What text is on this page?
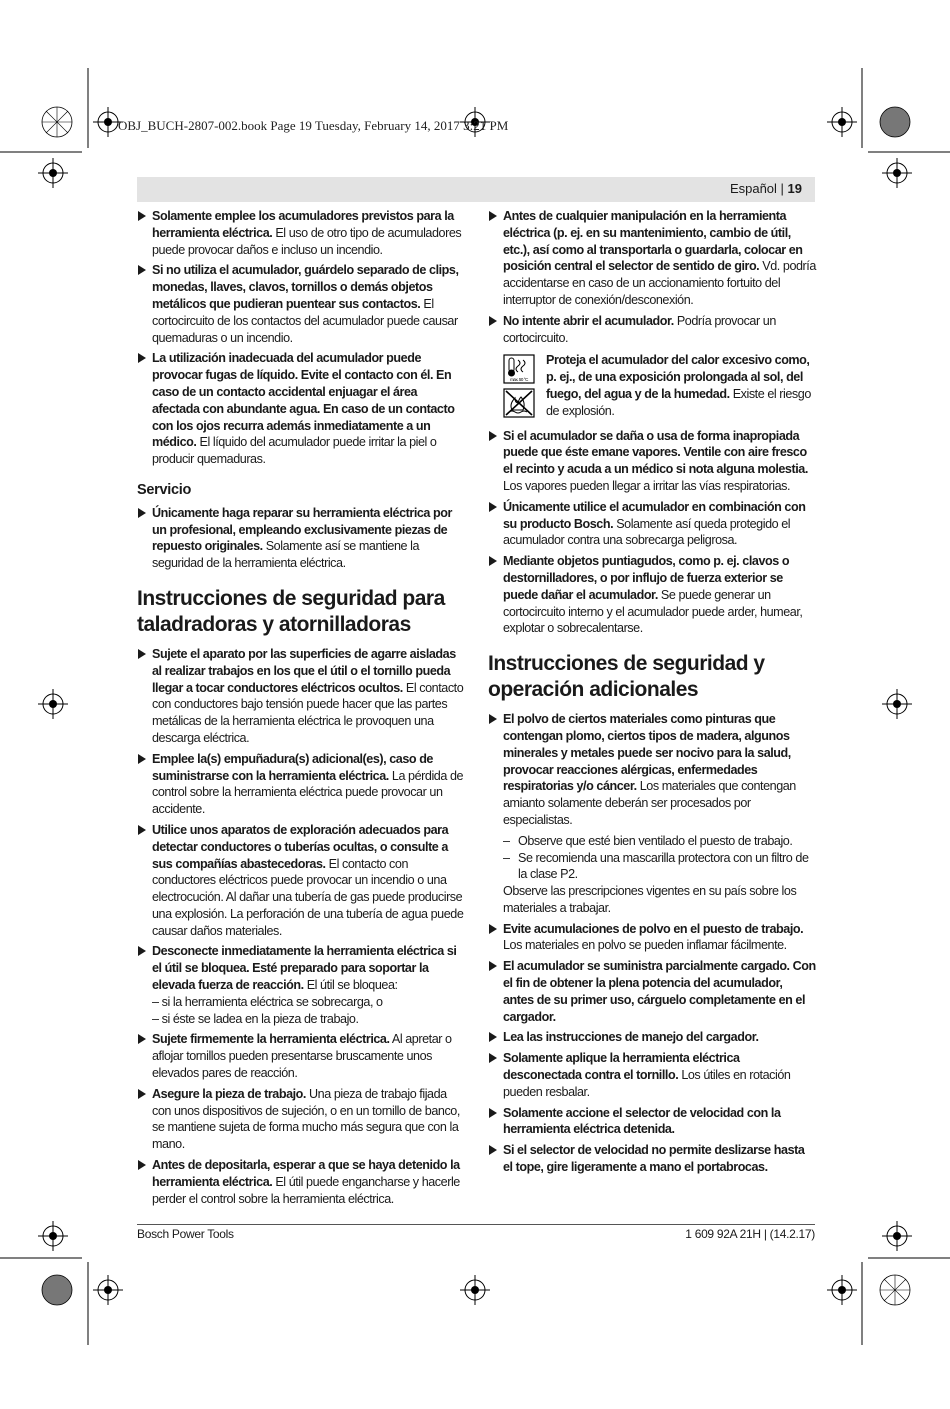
OBJ_BUCH-2807-002.book Page 19 Tuesday, February 14, 2017 3:21 PM
Español | 19
Solamente emplee los acumuladores previstos para la herramienta eléctrica. El uso de otro tipo de acumuladores puede provocar daños e incluso un incendio.
Si no utiliza el acumulador, guárdelo separado de clips, monedas, llaves, clavos, tornillos o demás objetos metálicos que pudieran puentear sus contactos. El cortocircuito de los contactos del acumulador puede causar quemaduras o un incendio.
La utilización inadecuada del acumulador puede provocar fugas de líquido. Evite el contacto con él. En caso de un contacto accidental enjuagar el área afectada con abundante agua. En caso de un contacto con los ojos recurra además inmediatamente a un médico. El líquido del acumulador puede irritar la piel o producir quemaduras.
Servicio
Únicamente haga reparar su herramienta eléctrica por un profesional, empleando exclusivamente piezas de repuesto originales. Solamente así se mantiene la seguridad de la herramienta eléctrica.
Instrucciones de seguridad para taladradoras y atornilladoras
Sujete el aparato por las superficies de agarre aisladas al realizar trabajos en los que el útil o el tornillo pueda llegar a tocar conductores eléctricos ocultos. El contacto con conductores bajo tensión puede hacer que las partes metálicas de la herramienta eléctrica le provoquen una descarga eléctrica.
Emplee la(s) empuñadura(s) adicional(es), caso de suministrarse con la herramienta eléctrica. La pérdida de control sobre la herramienta eléctrica puede provocar un accidente.
Utilice unos aparatos de exploración adecuados para detectar conductores o tuberías ocultas, o consulte a sus compañías abastecedoras. El contacto con conductores eléctricos puede provocar un incendio o una electrocución. Al dañar una tubería de gas puede producirse una explosión. La perforación de una tubería de agua puede causar daños materiales.
Desconecte inmediatamente la herramienta eléctrica si el útil se bloquea. Esté preparado para soportar la elevada fuerza de reacción. El útil se bloquea:
– si la herramienta eléctrica se sobrecarga, o
– si éste se ladea en la pieza de trabajo.
Sujete firmemente la herramienta eléctrica. Al apretar o aflojar tornillos pueden presentarse bruscamente unos elevados pares de reacción.
Asegure la pieza de trabajo. Una pieza de trabajo fijada con unos dispositivos de sujeción, o en un tornillo de banco, se mantiene sujeta de forma mucho más segura que con la mano.
Antes de depositarla, esperar a que se haya detenido la herramienta eléctrica. El útil puede engancharse y hacerle perder el control sobre la herramienta eléctrica.
Antes de cualquier manipulación en la herramienta eléctrica (p. ej. en su mantenimiento, cambio de útil, etc.), así como al transportarla o guardarla, colocar en posición central el selector de sentido de giro. Vd. podría accidentarse en caso de un accionamiento fortuito del interruptor de conexión/desconexión.
No intente abrir el acumulador. Podría provocar un cortocircuito.
max. 50 °C
Proteja el acumulador del calor excesivo como, p. ej., de una exposición prolongada al sol, del fuego, del agua y de la humedad. Existe el riesgo de explosión.
Si el acumulador se daña o usa de forma inapropiada puede que éste emane vapores. Ventile con aire fresco el recinto y acuda a un médico si nota alguna molestia. Los vapores pueden llegar a irritar las vías respiratorias.
Únicamente utilice el acumulador en combinación con su producto Bosch. Solamente así queda protegido el acumulador contra una sobrecarga peligrosa.
Mediante objetos puntiagudos, como p. ej. clavos o destornilladores, o por influjo de fuerza exterior se puede dañar el acumulador. Se puede generar un cortocircuito interno y el acumulador puede arder, humear, explotar o sobrecalentarse.
Instrucciones de seguridad y operación adicionales
El polvo de ciertos materiales como pinturas que contengan plomo, ciertos tipos de madera, algunos minerales y metales puede ser nocivo para la salud, provocar reacciones alérgicas, enfermedades respiratorias y/o cáncer. Los materiales que contengan amianto solamente deberán ser procesados por especialistas.
– Observe que esté bien ventilado el puesto de trabajo.
– Se recomienda una mascarilla protectora con un filtro de la clase P2.
Observe las prescripciones vigentes en su país sobre los materiales a trabajar.
Evite acumulaciones de polvo en el puesto de trabajo. Los materiales en polvo se pueden inflamar fácilmente.
El acumulador se suministra parcialmente cargado. Con el fin de obtener la plena potencia del acumulador, antes de su primer uso, cárguelo completamente en el cargador.
Lea las instrucciones de manejo del cargador.
Solamente aplique la herramienta eléctrica desconectada contra el tornillo. Los útiles en rotación pueden resbalar.
Solamente accione el selector de velocidad con la herramienta eléctrica detenida.
Si el selector de velocidad no permite deslizarse hasta el tope, gire ligeramente a mano el portabrocas.
Bosch Power Tools	1 609 92A 21H | (14.2.17)
